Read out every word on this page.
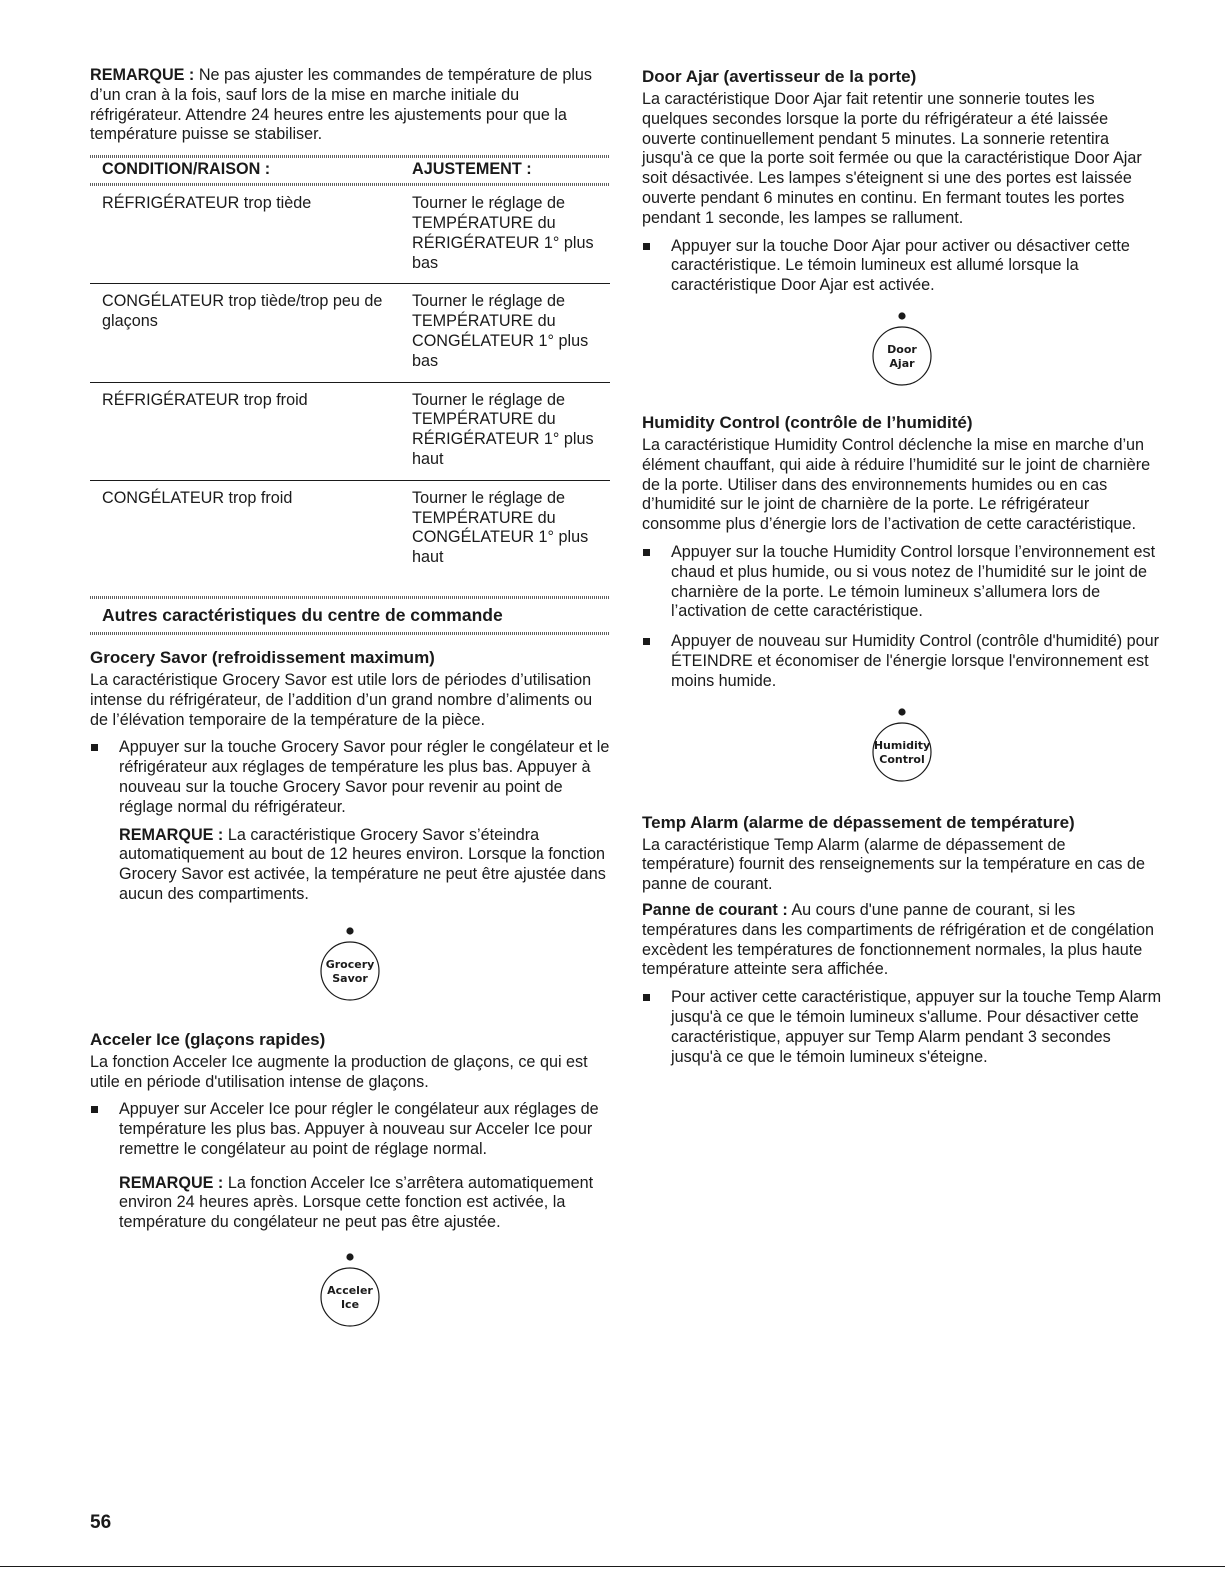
REMARQUE : Ne pas ajuster les commandes de température de plus d’un cran à la fois, sauf lors de la mise en marche initiale du réfrigérateur. Attendre 24 heures entre les ajustements pour que la température puisse se stabiliser.

CONDITION/RAISON :	AJUSTEMENT :

RÉFRIGÉRATEUR trop tiède	Tourner le réglage de TEMPÉRATURE du RÉRIGÉRATEUR 1° plus bas
CONGÉLATEUR trop tiède/trop peu de glaçons	Tourner le réglage de TEMPÉRATURE du CONGÉLATEUR 1° plus bas
RÉFRIGÉRATEUR trop froid	Tourner le réglage de TEMPÉRATURE du RÉRIGÉRATEUR 1° plus haut
CONGÉLATEUR trop froid	Tourner le réglage de TEMPÉRATURE du CONGÉLATEUR 1° plus haut
Autres caractéristiques du centre de commande
Grocery Savor (refroidissement maximum)

La caractéristique Grocery Savor est utile lors de périodes d’utilisation intense du réfrigérateur, de l’addition d’un grand nombre d’aliments ou de l’élévation temporaire de la température de la pièce.

Appuyer sur la touche Grocery Savor pour régler le congélateur et le réfrigérateur aux réglages de température les plus bas. Appuyer à nouveau sur la touche Grocery Savor pour revenir au point de réglage normal du réfrigérateur.

REMARQUE : La caractéristique Grocery Savor s’éteindra automatiquement au bout de 12 heures environ. Lorsque la fonction Grocery Savor est activée, la température ne peut être ajustée dans aucun des compartiments.

Grocery
Savor
Acceler Ice (glaçons rapides)

La fonction Acceler Ice augmente la production de glaçons, ce qui est utile en période d'utilisation intense de glaçons.

Appuyer sur Acceler Ice pour régler le congélateur aux réglages de température les plus bas. Appuyer à nouveau sur Acceler Ice pour remettre le congélateur au point de réglage normal.

REMARQUE : La fonction Acceler Ice s’arrêtera automatiquement environ 24 heures après. Lorsque cette fonction est activée, la température du congélateur ne peut pas être ajustée.

Acceler
Ice
Door Ajar (avertisseur de la porte)

La caractéristique Door Ajar fait retentir une sonnerie toutes les quelques secondes lorsque la porte du réfrigérateur a été laissée ouverte continuellement pendant 5 minutes. La sonnerie retentira jusqu'à ce que la porte soit fermée ou que la caractéristique Door Ajar soit désactivée. Les lampes s'éteignent si une des portes est laissée ouverte pendant 6 minutes en continu. En fermant toutes les portes pendant 1 seconde, les lampes se rallument.

Appuyer sur la touche Door Ajar pour activer ou désactiver cette caractéristique. Le témoin lumineux est allumé lorsque la caractéristique Door Ajar est activée.

Door
Ajar
Humidity Control (contrôle de l’humidité)

La caractéristique Humidity Control déclenche la mise en marche d’un élément chauffant, qui aide à réduire l’humidité sur le joint de charnière de la porte. Utiliser dans des environnements humides ou en cas d’humidité sur le joint de charnière de la porte. Le réfrigérateur consomme plus d’énergie lors de l’activation de cette caractéristique.

Appuyer sur la touche Humidity Control lorsque l’environnement est chaud et plus humide, ou si vous notez de l’humidité sur le joint de charnière de la porte. Le témoin lumineux s’allumera lors de l’activation de cette caractéristique.

Appuyer de nouveau sur Humidity Control (contrôle d'humidité) pour ÉTEINDRE et économiser de l'énergie lorsque l'environnement est moins humide.

Humidity
Control
Temp Alarm (alarme de dépassement de température)

La caractéristique Temp Alarm (alarme de dépassement de température) fournit des renseignements sur la température en cas de panne de courant.

Panne de courant : Au cours d'une panne de courant, si les températures dans les compartiments de réfrigération et de congélation excèdent les températures de fonctionnement normales, la plus haute température atteinte sera affichée.

Pour activer cette caractéristique, appuyer sur la touche Temp Alarm jusqu'à ce que le témoin lumineux s'allume. Pour désactiver cette caractéristique, appuyer sur Temp Alarm pendant 3 secondes jusqu'à ce que le témoin lumineux s'éteigne.

56
